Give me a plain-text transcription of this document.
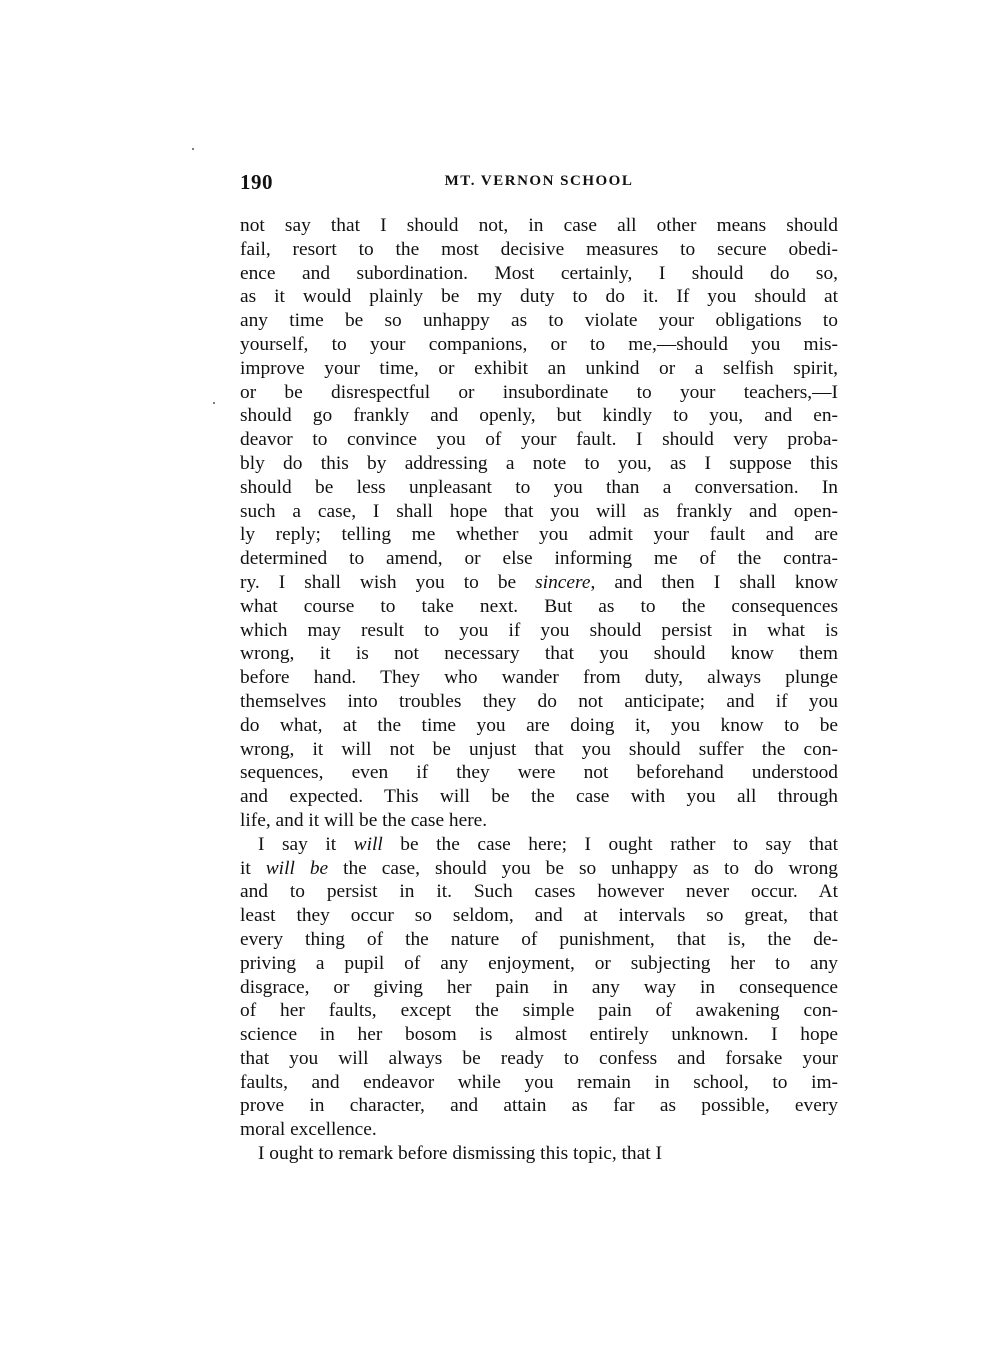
190	MT. VERNON SCHOOL

not say that I should not, in case all other means should
fail, resort to the most decisive measures to secure obedi-
ence and subordination. Most certainly, I should do so,
as it would plainly be my duty to do it. If you should at
any time be so unhappy as to violate your obligations to
yourself, to your companions, or to me,—should you mis-
improve your time, or exhibit an unkind or a selfish spirit,
or be disrespectful or insubordinate to your teachers,—I
should go frankly and openly, but kindly to you, and en-
deavor to convince you of your fault. I should very proba-
bly do this by addressing a note to you, as I suppose this
should be less unpleasant to you than a conversation. In
such a case, I shall hope that you will as frankly and open-
ly reply; telling me whether you admit your fault and are
determined to amend, or else informing me of the contra-
ry. I shall wish you to be sincere, and then I shall know
what course to take next. But as to the consequences
which may result to you if you should persist in what is
wrong, it is not necessary that you should know them
before hand. They who wander from duty, always plunge
themselves into troubles they do not anticipate; and if you
do what, at the time you are doing it, you know to be
wrong, it will not be unjust that you should suffer the con-
sequences, even if they were not beforehand understood
and expected. This will be the case with you all through
life, and it will be the case here.

I say it will be the case here; I ought rather to say that
it will be the case, should you be so unhappy as to do wrong
and to persist in it. Such cases however never occur. At
least they occur so seldom, and at intervals so great, that
every thing of the nature of punishment, that is, the de-
priving a pupil of any enjoyment, or subjecting her to any
disgrace, or giving her pain in any way in consequence
of her faults, except the simple pain of awakening con-
science in her bosom is almost entirely unknown. I hope
that you will always be ready to confess and forsake your
faults, and endeavor while you remain in school, to im-
prove in character, and attain as far as possible, every
moral excellence.

I ought to remark before dismissing this topic, that I
